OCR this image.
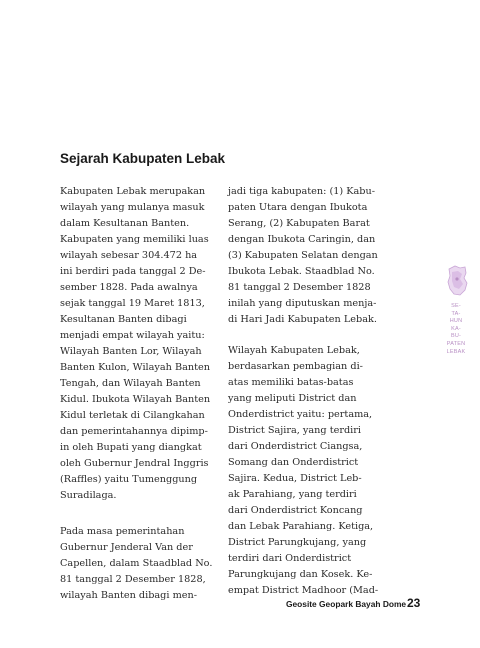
Sejarah Kabupaten Lebak

Kabupaten Lebak merupakan
wilayah yang mulanya masuk
dalam Kesultanan Banten.
Kabupaten yang memiliki luas
wilayah sebesar 304.472 ha
ini berdiri pada tanggal 2 De-
sember 1828. Pada awalnya
sejak tanggal 19 Maret 1813,
Kesultanan Banten dibagi
menjadi empat wilayah yaitu:
Wilayah Banten Lor, Wilayah
Banten Kulon, Wilayah Banten
Tengah, dan Wilayah Banten
Kidul. Ibukota Wilayah Banten
Kidul terletak di Cilangkahan
dan pemerintahannya dipimp-
in oleh Bupati yang diangkat
oleh Gubernur Jendral Inggris
(Raffles) yaitu Tumenggung
Suradilaga.

Pada masa pemerintahan
Gubernur Jenderal Van der
Capellen, dalam Staadblad No.
81 tanggal 2 Desember 1828,
wilayah Banten dibagi men-

jadi tiga kabupaten: (1) Kabu-
paten Utara dengan Ibukota
Serang, (2) Kabupaten Barat
dengan Ibukota Caringin, dan
(3) Kabupaten Selatan dengan
Ibukota Lebak. Staadblad No.
81 tanggal 2 Desember 1828
inilah yang diputuskan menja-
di Hari Jadi Kabupaten Lebak.

Wilayah Kabupaten Lebak,
berdasarkan pembagian di-
atas memiliki batas-batas
yang meliputi District dan
Onderdistrict yaitu: pertama,
District Sajira, yang terdiri
dari Onderdistrict Ciangsa,
Somang dan Onderdistrict
Sajira. Kedua, District Leb-
ak Parahiang, yang terdiri
dari Onderdistrict Koncang
dan Lebak Parahiang. Ketiga,
District Parungkujang, yang
terdiri dari Onderdistrict
Parungkujang dan Kosek. Ke-
empat District Madhoor (Mad-

SE-
TA-
HUN
KA-
BU-
PATEN
LEBAK
Geosite Geopark Bayah Dome 23
